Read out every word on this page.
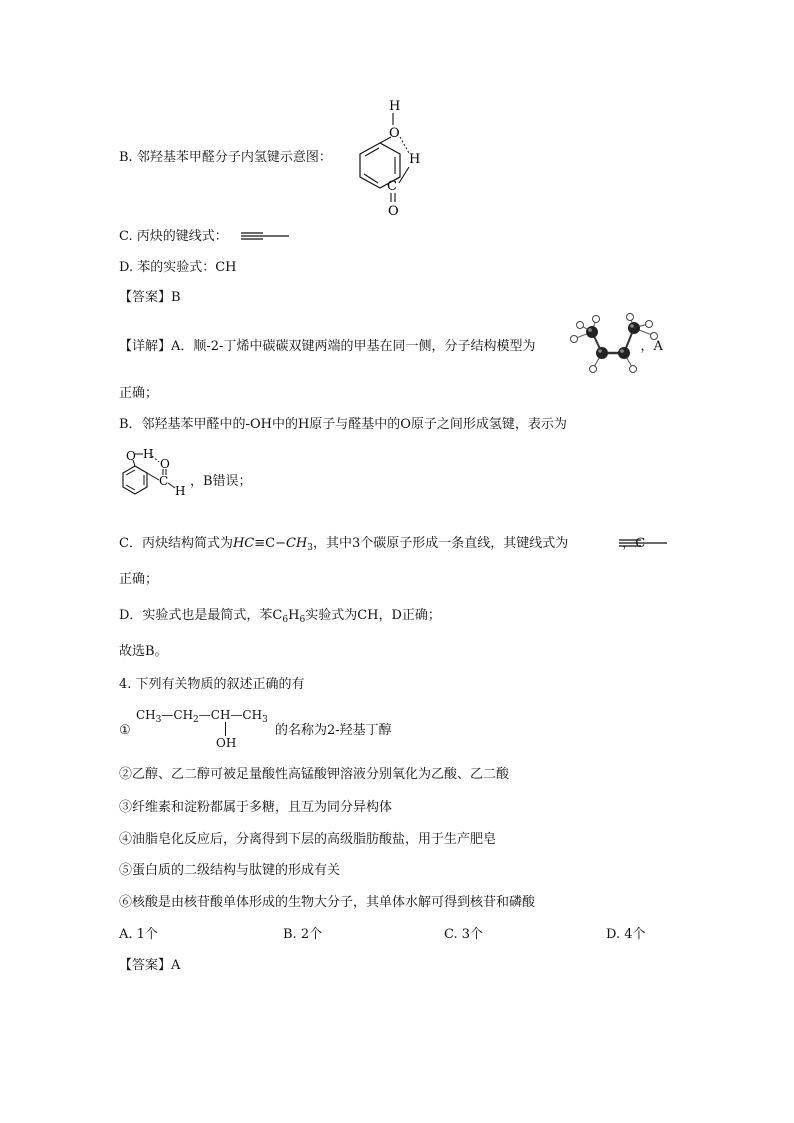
B. 邻羟基苯甲醛分子内氢键示意图：
O
H
H
C
O
C. 丙炔的键线式：
D. 苯的实验式：CH
【答案】B
【详解】A．顺-2-丁烯中碳碳双键两端的甲基在同一侧，分子结构模型为	，A
正确；
B．邻羟基苯甲醛中的-OH中的H原子与醛基中的O原子之间形成氢键，表示为
O H
C
O
H
，B错误；
C．丙炔结构简式为$HC\equiv C-CH_3$，其中3个碳原子形成一条直线，其键线式为	，C
正确；
D．实验式也是最简式，苯$C_6H_6$实验式为CH，D正确；
故选B。
4. 下列有关物质的叙述正确的有
①
$CH_3—CH_2—CH—CH_3$
OH
的名称为2-羟基丁醇
②乙醇、乙二醇可被足量酸性高锰酸钾溶液分别氧化为乙酸、乙二酸
③纤维素和淀粉都属于多糖，且互为同分异构体
④油脂皂化反应后，分离得到下层的高级脂肪酸盐，用于生产肥皂
⑤蛋白质的二级结构与肽键的形成有关
⑥核酸是由核苷酸单体形成的生物大分子，其单体水解可得到核苷和磷酸
A. 1个	B. 2个	C. 3个	D. 4个
【答案】A
